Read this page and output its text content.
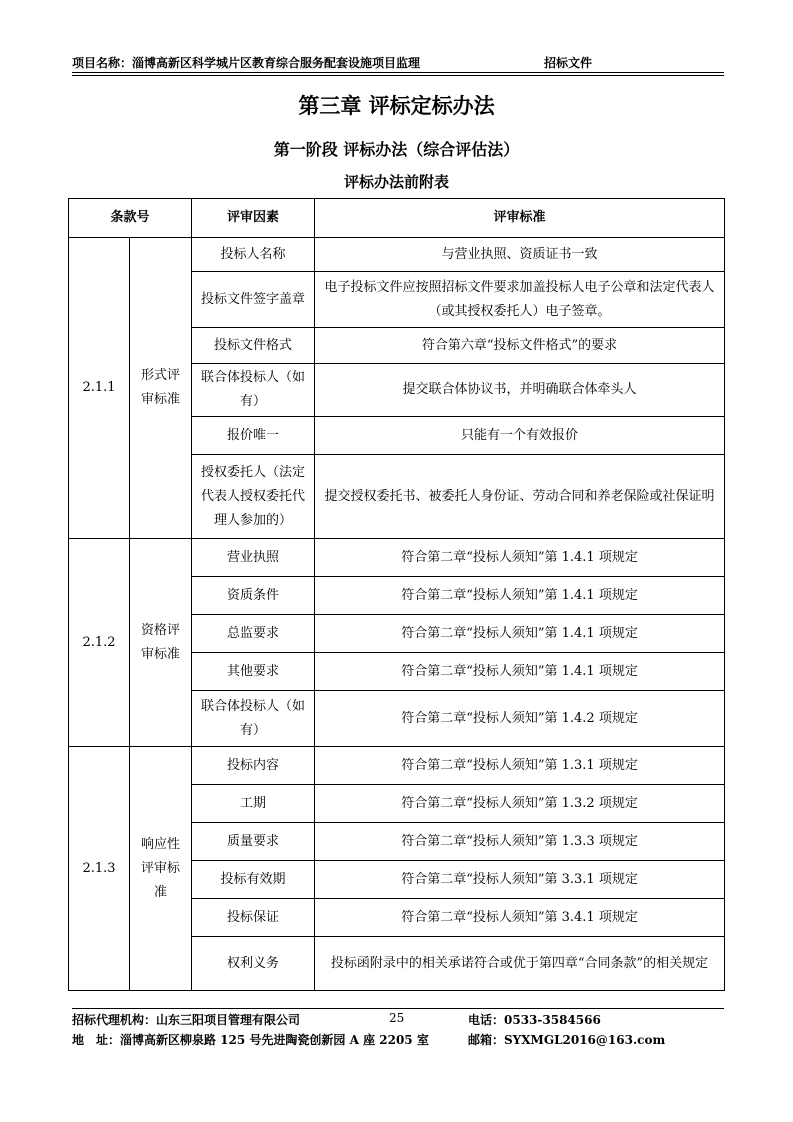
项目名称：淄博高新区科学城片区教育综合服务配套设施项目监理	招标文件
第三章 评标定标办法
第一阶段 评标办法（综合评估法）
评标办法前附表
条款号		评审因素	评审标准
2.1.1	形式评审标准	投标人名称	与营业执照、资质证书一致
		投标文件签字盖章	电子投标文件应按照招标文件要求加盖投标人电子公章和法定代表人（或其授权委托人）电子签章。
		投标文件格式	符合第六章“投标文件格式”的要求
		联合体投标人（如有）	提交联合体协议书，并明确联合体牵头人
		报价唯一	只能有一个有效报价
		授权委托人（法定代表人授权委托代理人参加的）	提交授权委托书、被委托人身份证、劳动合同和养老保险或社保证明
2.1.2	资格评审标准	营业执照	符合第二章“投标人须知”第 1.4.1 项规定
		资质条件	符合第二章“投标人须知”第 1.4.1 项规定
		总监要求	符合第二章“投标人须知”第 1.4.1 项规定
		其他要求	符合第二章“投标人须知”第 1.4.1 项规定
		联合体投标人（如有）	符合第二章“投标人须知”第 1.4.2 项规定
2.1.3	响应性评审标准	投标内容	符合第二章“投标人须知”第 1.3.1 项规定
		工期	符合第二章“投标人须知”第 1.3.2 项规定
		质量要求	符合第二章“投标人须知”第 1.3.3 项规定
		投标有效期	符合第二章“投标人须知”第 3.3.1 项规定
		投标保证	符合第二章“投标人须知”第 3.4.1 项规定
		权利义务	投标函附录中的相关承诺符合或优于第四章“合同条款”的相关规定
招标代理机构：山东三阳项目管理有限公司	25	电话：0533-3584566
地　址：淄博高新区柳泉路 125 号先进陶瓷创新园 A 座 2205 室	邮箱：SYXMGL2016@163.com
